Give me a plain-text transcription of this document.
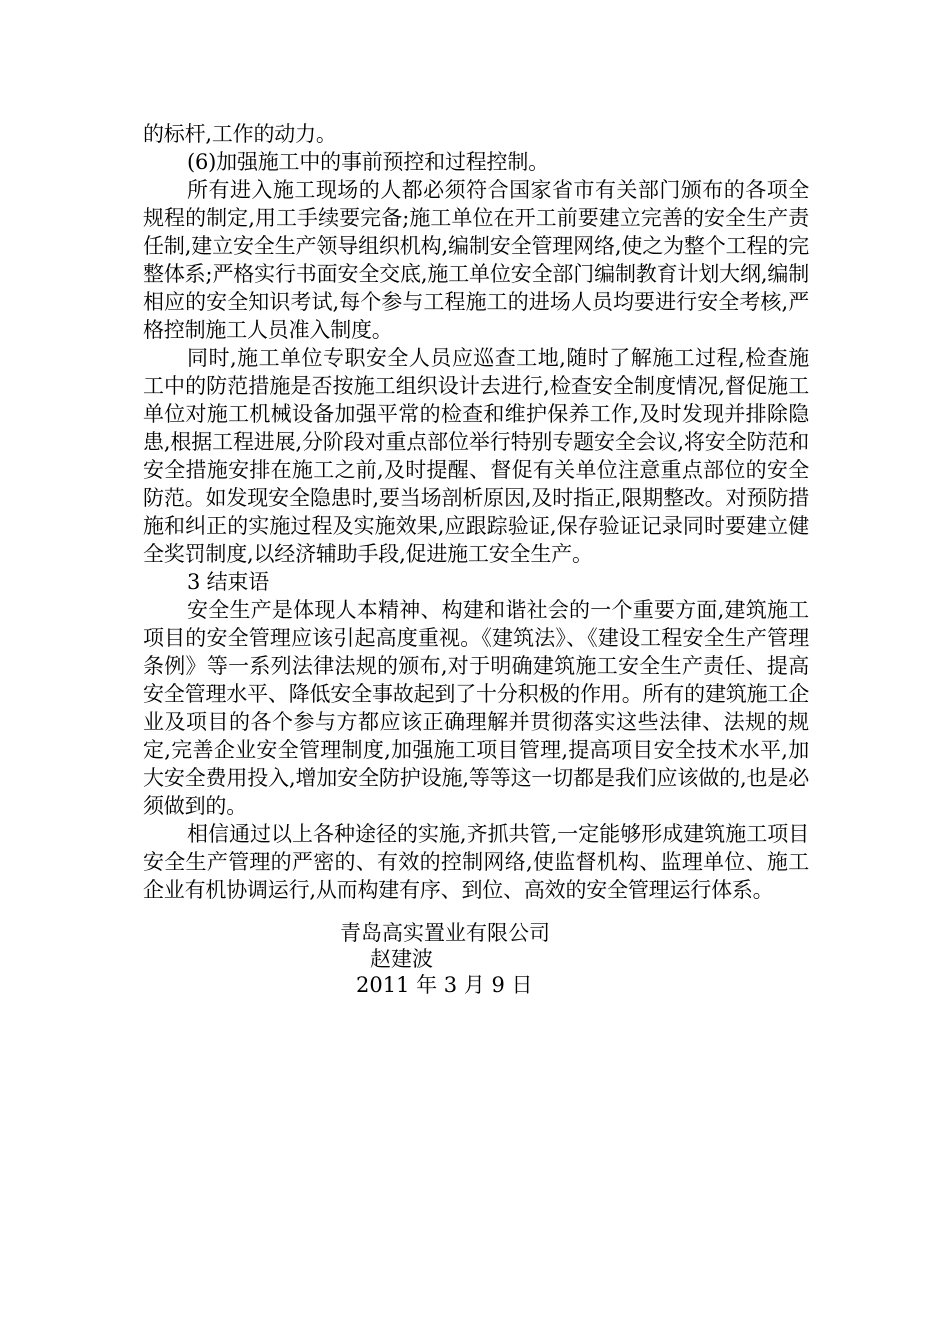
的标杆,工作的动力。

(6)加强施工中的事前预控和过程控制。

所有进入施工现场的人都必须符合国家省市有关部门颁布的各项全规程的制定,用工手续要完备;施工单位在开工前要建立完善的安全生产责任制,建立安全生产领导组织机构,编制安全管理网络,使之为整个工程的完整体系;严格实行书面安全交底,施工单位安全部门编制教育计划大纲,编制相应的安全知识考试,每个参与工程施工的进场人员均要进行安全考核,严格控制施工人员准入制度。

同时,施工单位专职安全人员应巡查工地,随时了解施工过程,检查施工中的防范措施是否按施工组织设计去进行,检查安全制度情况,督促施工单位对施工机械设备加强平常的检查和维护保养工作,及时发现并排除隐患,根据工程进展,分阶段对重点部位举行特别专题安全会议,将安全防范和安全措施安排在施工之前,及时提醒、督促有关单位注意重点部位的安全防范。如发现安全隐患时,要当场剖析原因,及时指正,限期整改。对预防措施和纠正的实施过程及实施效果,应跟踪验证,保存验证记录同时要建立健全奖罚制度,以经济辅助手段,促进施工安全生产。

3 结束语

安全生产是体现人本精神、构建和谐社会的一个重要方面,建筑施工项目的安全管理应该引起高度重视。《建筑法》、《建设工程安全生产管理条例》等一系列法律法规的颁布,对于明确建筑施工安全生产责任、提高安全管理水平、降低安全事故起到了十分积极的作用。所有的建筑施工企业及项目的各个参与方都应该正确理解并贯彻落实这些法律、法规的规定,完善企业安全管理制度,加强施工项目管理,提高项目安全技术水平,加大安全费用投入,增加安全防护设施,等等这一切都是我们应该做的,也是必须做到的。

相信通过以上各种途径的实施,齐抓共管,一定能够形成建筑施工项目安全生产管理的严密的、有效的控制网络,使监督机构、监理单位、施工企业有机协调运行,从而构建有序、到位、高效的安全管理运行体系。

青岛高实置业有限公司
赵建波
2011 年 3 月 9 日
